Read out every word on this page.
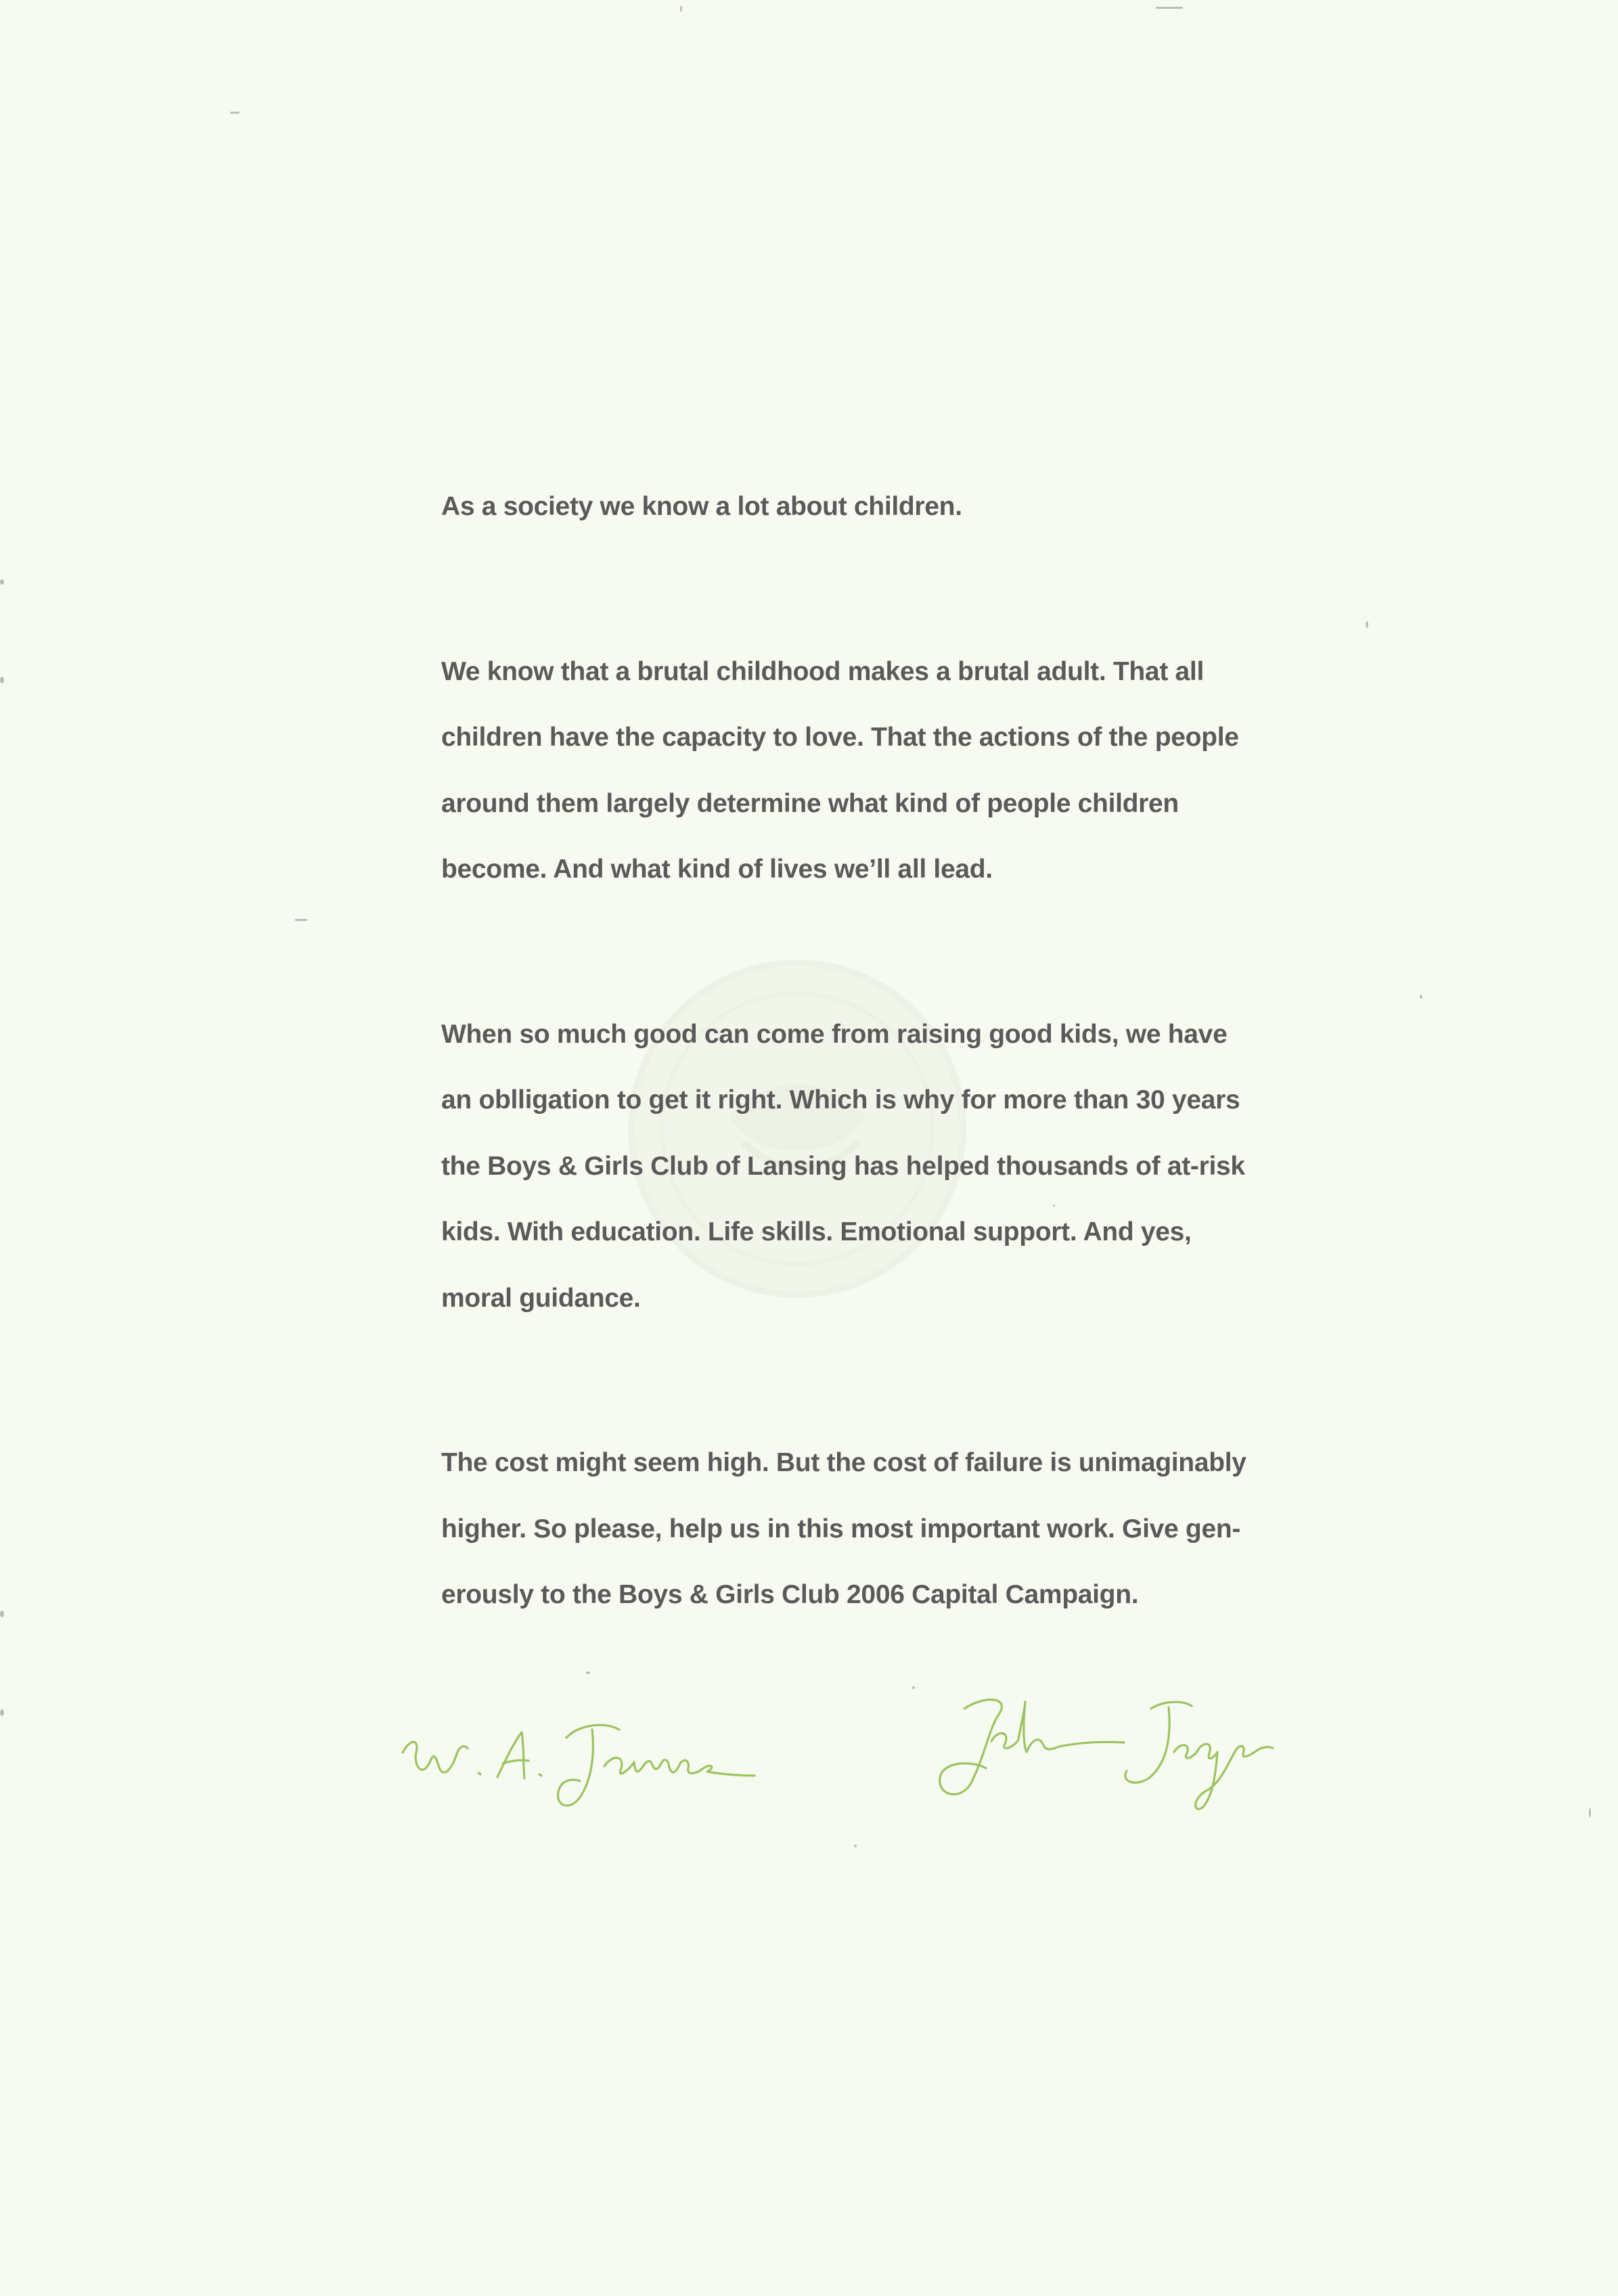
As a society we know a lot about children.

We know that a brutal childhood makes a brutal adult. That all
children have the capacity to love. That the actions of the people
around them largely determine what kind of people children
become. And what kind of lives we’ll all lead.

When so much good can come from raising good kids, we have
an oblligation to get it right. Which is why for more than 30 years
the Boys & Girls Club of Lansing has helped thousands of at-risk
kids. With education. Life skills. Emotional support. And yes,
moral guidance.

The cost might seem high. But the cost of failure is unimaginably
higher. So please, help us in this most important work. Give gen-
erously to the Boys & Girls Club 2006 Capital Campaign.
